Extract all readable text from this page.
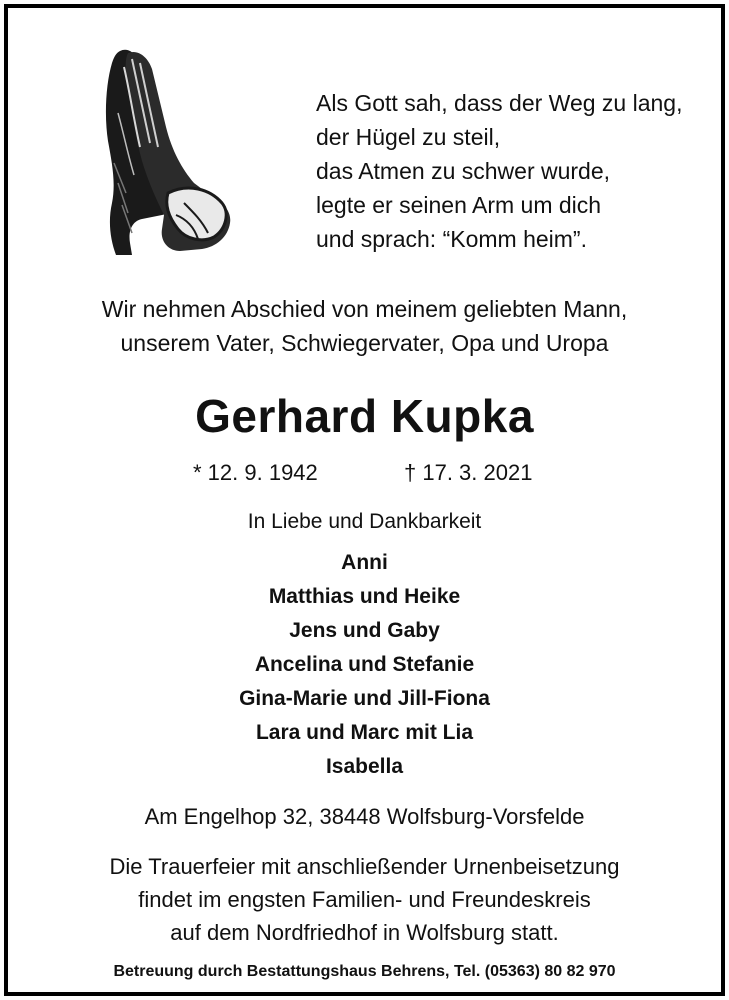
Als Gott sah, dass der Weg zu lang,
der Hügel zu steil,
das Atmen zu schwer wurde,
legte er seinen Arm um dich
und sprach: “Komm heim”.
Wir nehmen Abschied von meinem geliebten Mann,
unserem Vater, Schwiegervater, Opa und Uropa
Gerhard Kupka
* 12. 9. 1942	† 17. 3. 2021
In Liebe und Dankbarkeit
Anni
Matthias und Heike
Jens und Gaby
Ancelina und Stefanie
Gina-Marie und Jill-Fiona
Lara und Marc mit Lia
Isabella
Am Engelhop 32, 38448 Wolfsburg-Vorsfelde
Die Trauerfeier mit anschließender Urnenbeisetzung
findet im engsten Familien- und Freundeskreis
auf dem Nordfriedhof in Wolfsburg statt.
Betreuung durch Bestattungshaus Behrens, Tel. (05363) 80 82 970
